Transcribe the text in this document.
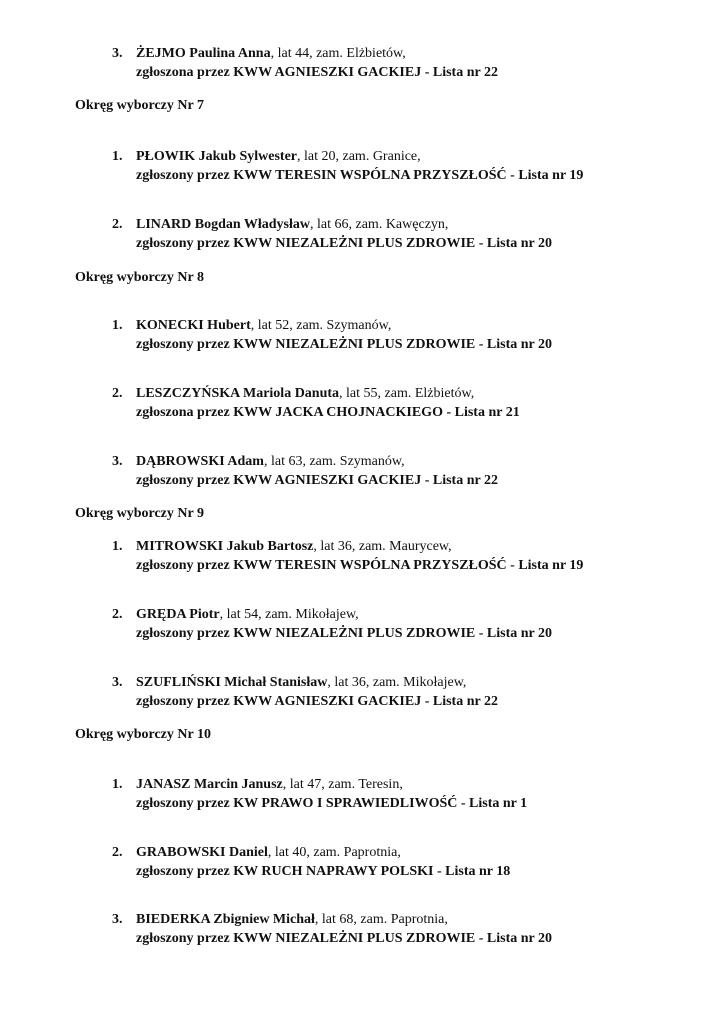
3. ŻEJMO Paulina Anna, lat 44, zam. Elżbietów,
zgłoszona przez KWW AGNIESZKI GACKIEJ - Lista nr 22
Okręg wyborczy Nr 7
1. PŁOWIK Jakub Sylwester, lat 20, zam. Granice,
zgłoszony przez KWW TERESIN WSPÓLNA PRZYSZŁOŚĆ - Lista nr 19
2. LINARD Bogdan Władysław, lat 66, zam. Kawęczyn,
zgłoszony przez KWW NIEZALEŻNI PLUS ZDROWIE - Lista nr 20
Okręg wyborczy Nr 8
1. KONECKI Hubert, lat 52, zam. Szymanów,
zgłoszony przez KWW NIEZALEŻNI PLUS ZDROWIE - Lista nr 20
2. LESZCZYŃSKA Mariola Danuta, lat 55, zam. Elżbietów,
zgłoszona przez KWW JACKA CHOJNACKIEGO - Lista nr 21
3. DĄBROWSKI Adam, lat 63, zam. Szymanów,
zgłoszony przez KWW AGNIESZKI GACKIEJ - Lista nr 22
Okręg wyborczy Nr 9
1. MITROWSKI Jakub Bartosz, lat 36, zam. Maurycew,
zgłoszony przez KWW TERESIN WSPÓLNA PRZYSZŁOŚĆ - Lista nr 19
2. GRĘDA Piotr, lat 54, zam. Mikołajew,
zgłoszony przez KWW NIEZALEŻNI PLUS ZDROWIE - Lista nr 20
3. SZUFLIŃSKI Michał Stanisław, lat 36, zam. Mikołajew,
zgłoszony przez KWW AGNIESZKI GACKIEJ - Lista nr 22
Okręg wyborczy Nr 10
1. JANASZ Marcin Janusz, lat 47, zam. Teresin,
zgłoszony przez KW PRAWO I SPRAWIEDLIWOŚĆ - Lista nr 1
2. GRABOWSKI Daniel, lat 40, zam. Paprotnia,
zgłoszony przez KW RUCH NAPRAWY POLSKI - Lista nr 18
3. BIEDERKA Zbigniew Michał, lat 68, zam. Paprotnia,
zgłoszony przez KWW NIEZALEŻNI PLUS ZDROWIE - Lista nr 20
